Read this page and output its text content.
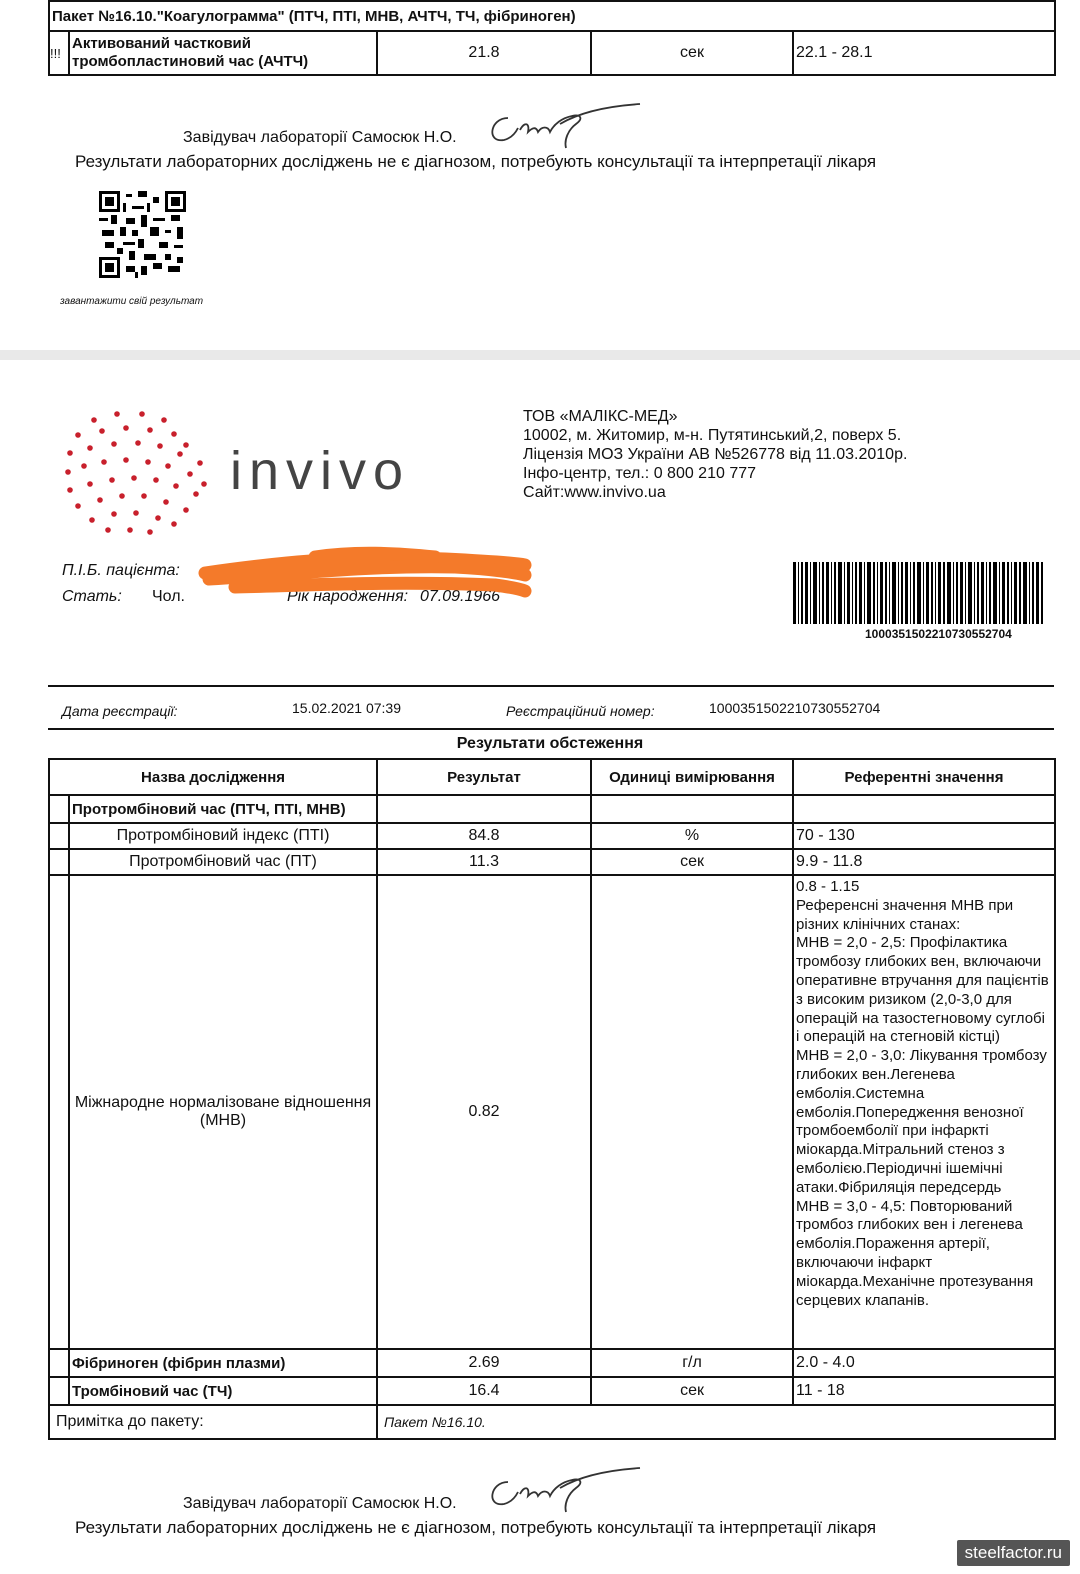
Пакет №16.10."Коагулограмма" (ПТЧ, ПТІ, МНВ, АЧТЧ, ТЧ, фібриноген)
!!!	Активований частковий тромбопластиновий час (АЧТЧ)	21.8	сек	22.1 - 28.1
Завідувач лабораторії Самосюк Н.О.
Результати лабораторних досліджень не є діагнозом, потребують консультації та інтерпретації лікаря
завантажити свій результат
invivo
ТОВ «МАЛІКС-МЕД»
10002, м. Житомир, м-н. Путятинський,2, поверх 5.
Ліцензія МОЗ України АВ №526778 від 11.03.2010р.
Інфо-центр, тел.: 0 800 210 777
Сайт:www.invivo.ua
П.І.Б. пацієнта:
Стать: Чол.	Рік народження: 07.09.1966
1000351502210730552704
Дата реєстрації:	15.02.2021 07:39	Реєстраційний номер:	1000351502210730552704
Результати обстеження
Назва дослідження		Результат	Одиниці вимірювання	Референтні значення
	Протромбіновий час (ПТЧ, ПТІ, МНВ)			
	Протромбіновий індекс (ПТІ)	84.8	%	70 - 130
	Протромбіновий час (ПТ)	11.3	сек	9.9 - 11.8
	Міжнародне нормалізоване відношення (МНВ)	0.82		0.8 - 1.15
Референсні значення МНВ при різних клінічних станах:
МНВ = 2,0 - 2,5: Профілактика тромбозу глибоких вен, включаючи оперативне втручання для пацієнтів з високим ризиком (2,0-3,0 для операцій на тазостегновому суглобі і операцій на стегновій кістці)
МНВ = 2,0 - 3,0: Лікування тромбозу глибоких вен.Легенева емболія.Системна емболія.Попередження венозної тромбоемболії при інфаркті міокарда.Мітральний стеноз з емболією.Періодичні ішемічні атаки.Фібриляція передсердь
МНВ = 3,0 - 4,5: Повторюваний тромбоз глибоких вен і легенева емболія.Пораження артерії, включаючи інфаркт міокарда.Механічне протезування серцевих клапанів.
	Фібриноген (фібрин плазми)	2.69	г/л	2.0 - 4.0
	Тромбіновий час (ТЧ)	16.4	сек	11 - 18
Примітка до пакету:		Пакет №16.10.		
Завідувач лабораторії Самосюк Н.О.
Результати лабораторних досліджень не є діагнозом, потребують консультації та інтерпретації лікаря
steelfactor.ru
